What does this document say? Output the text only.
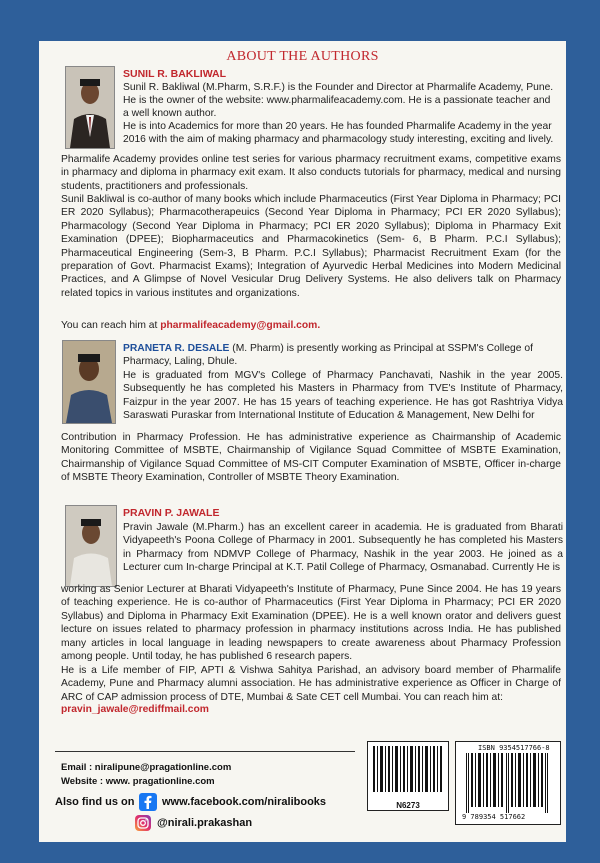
ABOUT THE AUTHORS
SUNIL R. BAKLIWAL

Sunil R. Bakliwal (M.Pharm, S.R.F.) is the Founder and Director at Pharmalife Academy, Pune.

He is the owner of the website: www.pharmalifeacademy.com. He is a passionate teacher and

a well known author.

He is into Academics for more than 20 years. He has founded Pharmalife Academy in the year

2016 with the aim of making pharmacy and pharmacology study interesting, exciting and lively.

Pharmalife Academy provides online test series for various pharmacy recruitment exams, competitive exams in pharmacy and diploma in pharmacy exit exam. It also conducts tutorials for pharmacy, medical and nursing students, practitioners and professionals.

Sunil Bakliwal is co-author of many books which include Pharmaceutics (First Year Diploma in Pharmacy; PCI ER 2020 Syllabus); Pharmacotherapeuics (Second Year Diploma in Pharmacy; PCI ER 2020 Syllabus); Pharmacology (Second Year Diploma in Pharmacy; PCI ER 2020 Syllabus); Diploma in Pharmacy Exit Examination (DPEE); Biopharmaceutics and Pharmacokinetics (Sem- 6, B Pharm. P.C.I Syllabus); Pharmaceutical Engineering (Sem-3, B Pharm. P.C.I Syllabus); Pharmacist Recruitment Exam (for the preparation of Govt. Pharmacist Exams); Integration of Ayurvedic Herbal Medicines into Modern Medicinal Practices, and A Glimpse of Novel Vesicular Drug Delivery Systems. He also delivers talk on Pharmacy related topics in various institutes and organizations.

You can reach him at pharmalifeacademy@gmail.com.

PRANETA R. DESALE (M. Pharm) is presently working as Principal at SSPM's College of

Pharmacy, Laling, Dhule.

He is graduated from MGV's College of Pharmacy Panchavati, Nashik in the year 2005. Subsequently he has completed his Masters in Pharmacy from TVE's Institute of Pharmacy, Faizpur in the year 2007. He has 15 years of teaching experience. He has got Rashtriya Vidya Saraswati Puraskar from International Institute of Education & Management, New Delhi for

Contribution in Pharmacy Profession. He has administrative experience as Chairmanship of Academic Monitoring Committee of MSBTE, Chairmanship of Vigilance Squad Committee of MSBTE Examination, Chairmanship of Vigilance Squad Committee of MS-CIT Computer Examination of MSBTE, Officer in-charge of MSBTE Theory Examination, Controller of MSBTE Theory Examination.

PRAVIN P. JAWALE

Pravin Jawale (M.Pharm.) has an excellent career in academia. He is graduated from Bharati Vidyapeeth's Poona College of Pharmacy in 2001. Subsequently he has completed his Masters in Pharmacy from NDMVP College of Pharmacy, Nashik in the year 2003. He joined as a Lecturer cum In-charge Principal at K.T. Patil College of Pharmacy, Osmanabad. Currently He is

working as Senior Lecturer at Bharati Vidyapeeth's Institute of Pharmacy, Pune Since 2004. He has 19 years of teaching experience. He is co-author of Pharmaceutics (First Year Diploma in Pharmacy; PCI ER 2020 Syllabus) and Diploma in Pharmacy Exit Examination (DPEE). He is a well known orator and delivers guest lecture on issues related to pharmacy profession in pharmacy institutions across India. He has published many articles in local language in leading newspapers to create awareness about Pharmacy Profession among people. Until today, he has published 6 research papers.

He is a Life member of FIP, APTI & Vishwa Sahitya Parishad, an advisory board member of Pharmalife Academy, Pune and Pharmacy alumni association. He has administrative experience as Officer in Charge of ARC of CAP admission process of DTE, Mumbai & Sate CET cell Mumbai. You can reach him at:

pravin_jawale@rediffmail.com

Email : niralipune@pragationline.com
Website : www. pragationline.com
Also find us on	www.facebook.com/niralibooks
@nirali.prakashan
N6273
ISBN 9354517766-8
9 789354 517662
